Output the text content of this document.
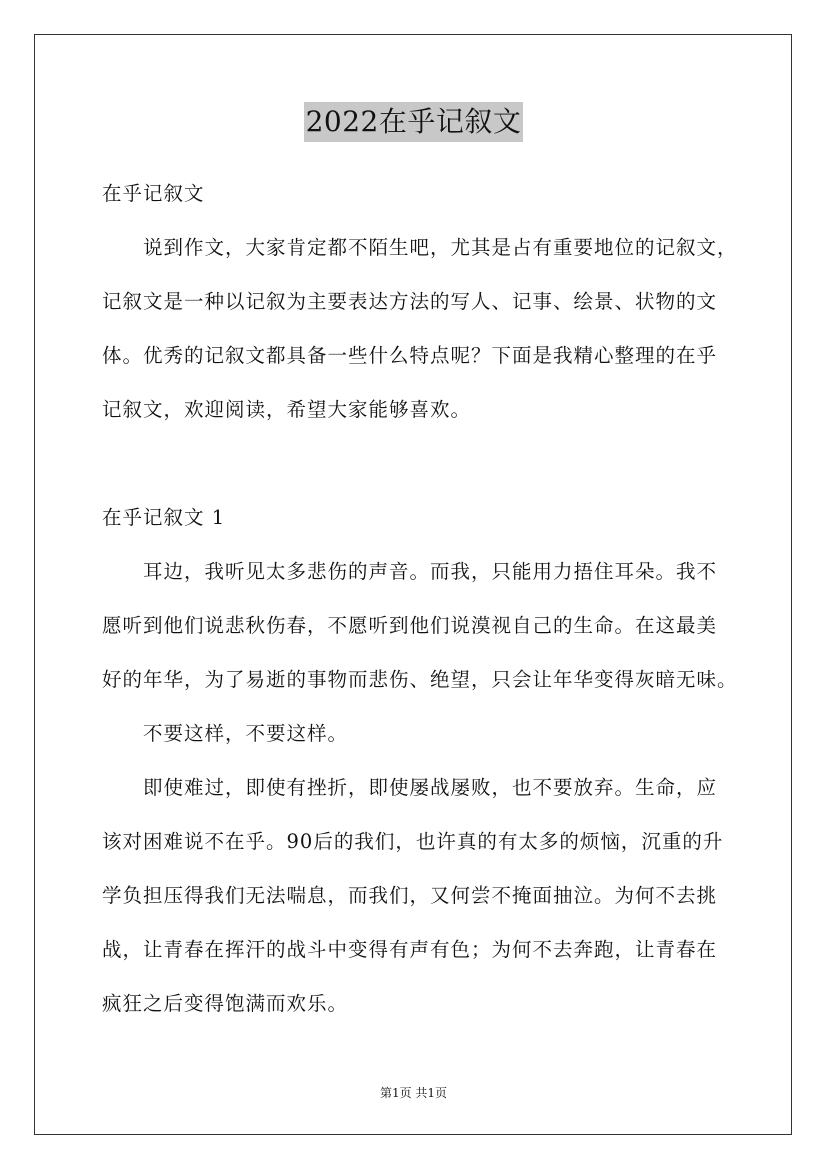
2022在乎记叙文
在乎记叙文
说到作文，大家肯定都不陌生吧，尤其是占有重要地位的记叙文，
记叙文是一种以记叙为主要表达方法的写人、记事、绘景、状物的文
体。优秀的记叙文都具备一些什么特点呢？下面是我精心整理的在乎
记叙文，欢迎阅读，希望大家能够喜欢。
在乎记叙文 1
耳边，我听见太多悲伤的声音。而我，只能用力捂住耳朵。我不
愿听到他们说悲秋伤春，不愿听到他们说漠视自己的生命。在这最美
好的年华，为了易逝的事物而悲伤、绝望，只会让年华变得灰暗无味。
不要这样，不要这样。
即使难过，即使有挫折，即使屡战屡败，也不要放弃。生命，应
该对困难说不在乎。90后的我们，也许真的有太多的烦恼，沉重的升
学负担压得我们无法喘息，而我们，又何尝不掩面抽泣。为何不去挑
战，让青春在挥汗的战斗中变得有声有色；为何不去奔跑，让青春在
疯狂之后变得饱满而欢乐。
第1页 共1页
